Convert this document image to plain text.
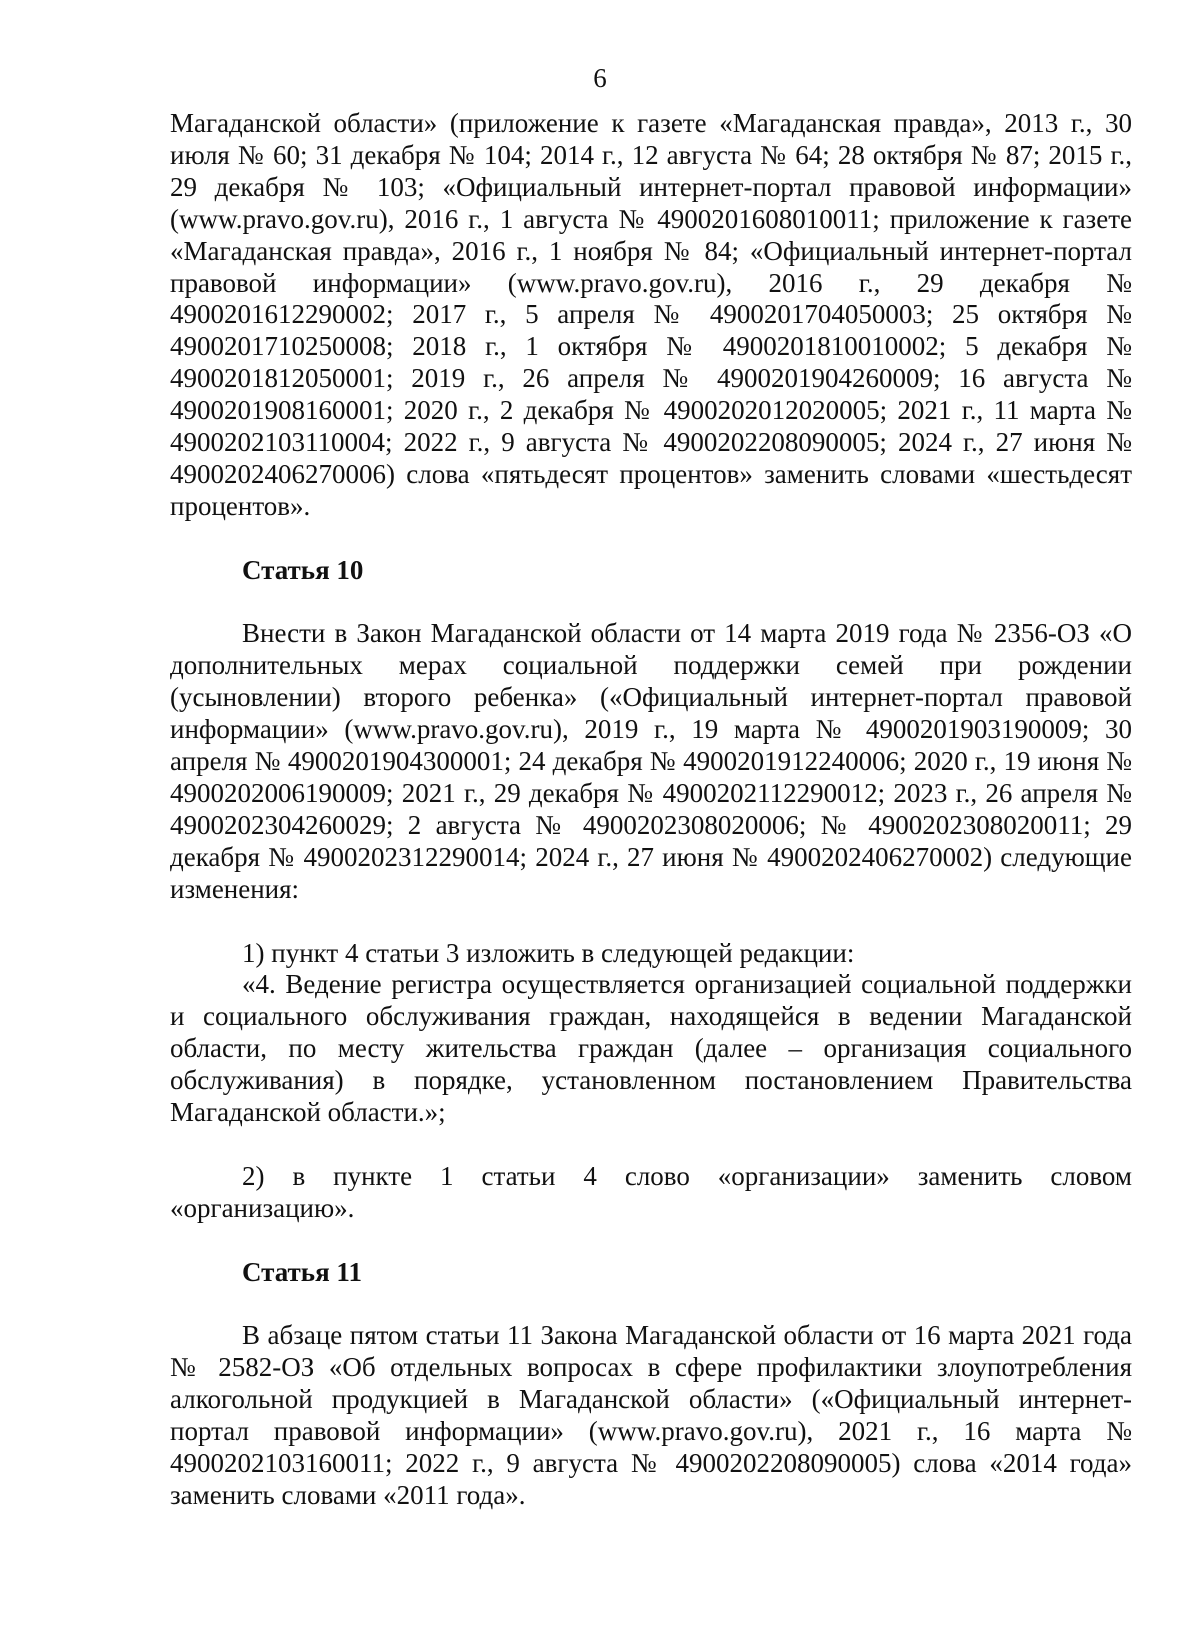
6

Магаданской области» (приложение к газете «Магаданская правда», 2013 г., 30 июля № 60; 31 декабря № 104; 2014 г., 12 августа № 64; 28 октября № 87; 2015 г., 29 декабря № 103; «Официальный интернет-портал правовой информации» (www.pravo.gov.ru), 2016 г., 1 августа № 4900201608010011; приложение к газете «Магаданская правда», 2016 г., 1 ноября № 84; «Официальный интернет-портал правовой информации» (www.pravo.gov.ru), 2016 г., 29 декабря № 4900201612290002; 2017 г., 5 апреля № 4900201704050003; 25 октября № 4900201710250008; 2018 г., 1 октября № 4900201810010002; 5 декабря № 4900201812050001; 2019 г., 26 апреля № 4900201904260009; 16 августа № 4900201908160001; 2020 г., 2 декабря № 4900202012020005; 2021 г., 11 марта № 4900202103110004; 2022 г., 9 августа № 4900202208090005; 2024 г., 27 июня № 4900202406270006) слова «пятьдесят процентов» заменить словами «шестьдесят процентов».

Статья 10

Внести в Закон Магаданской области от 14 марта 2019 года № 2356-ОЗ «О дополнительных мерах социальной поддержки семей при рождении (усыновлении) второго ребенка» («Официальный интернет-портал правовой информации» (www.pravo.gov.ru), 2019 г., 19 марта № 4900201903190009; 30 апреля № 4900201904300001; 24 декабря № 4900201912240006; 2020 г., 19 июня № 4900202006190009; 2021 г., 29 декабря № 4900202112290012; 2023 г., 26 апреля № 4900202304260029; 2 августа № 4900202308020006; № 4900202308020011; 29 декабря № 4900202312290014; 2024 г., 27 июня № 4900202406270002) следующие изменения:

1) пункт 4 статьи 3 изложить в следующей редакции:

«4. Ведение регистра осуществляется организацией социальной поддержки и социального обслуживания граждан, находящейся в ведении Магаданской области, по месту жительства граждан (далее – организация социального обслуживания) в порядке, установленном постановлением Правительства Магаданской области.»;

2) в пункте 1 статьи 4 слово «организации» заменить словом «организацию».

Статья 11

В абзаце пятом статьи 11 Закона Магаданской области от 16 марта 2021 года № 2582-ОЗ «Об отдельных вопросах в сфере профилактики злоупотребления алкогольной продукцией в Магаданской области» («Официальный интернет-портал правовой информации» (www.pravo.gov.ru), 2021 г., 16 марта № 4900202103160011; 2022 г., 9 августа № 4900202208090005) слова «2014 года» заменить словами «2011 года».
